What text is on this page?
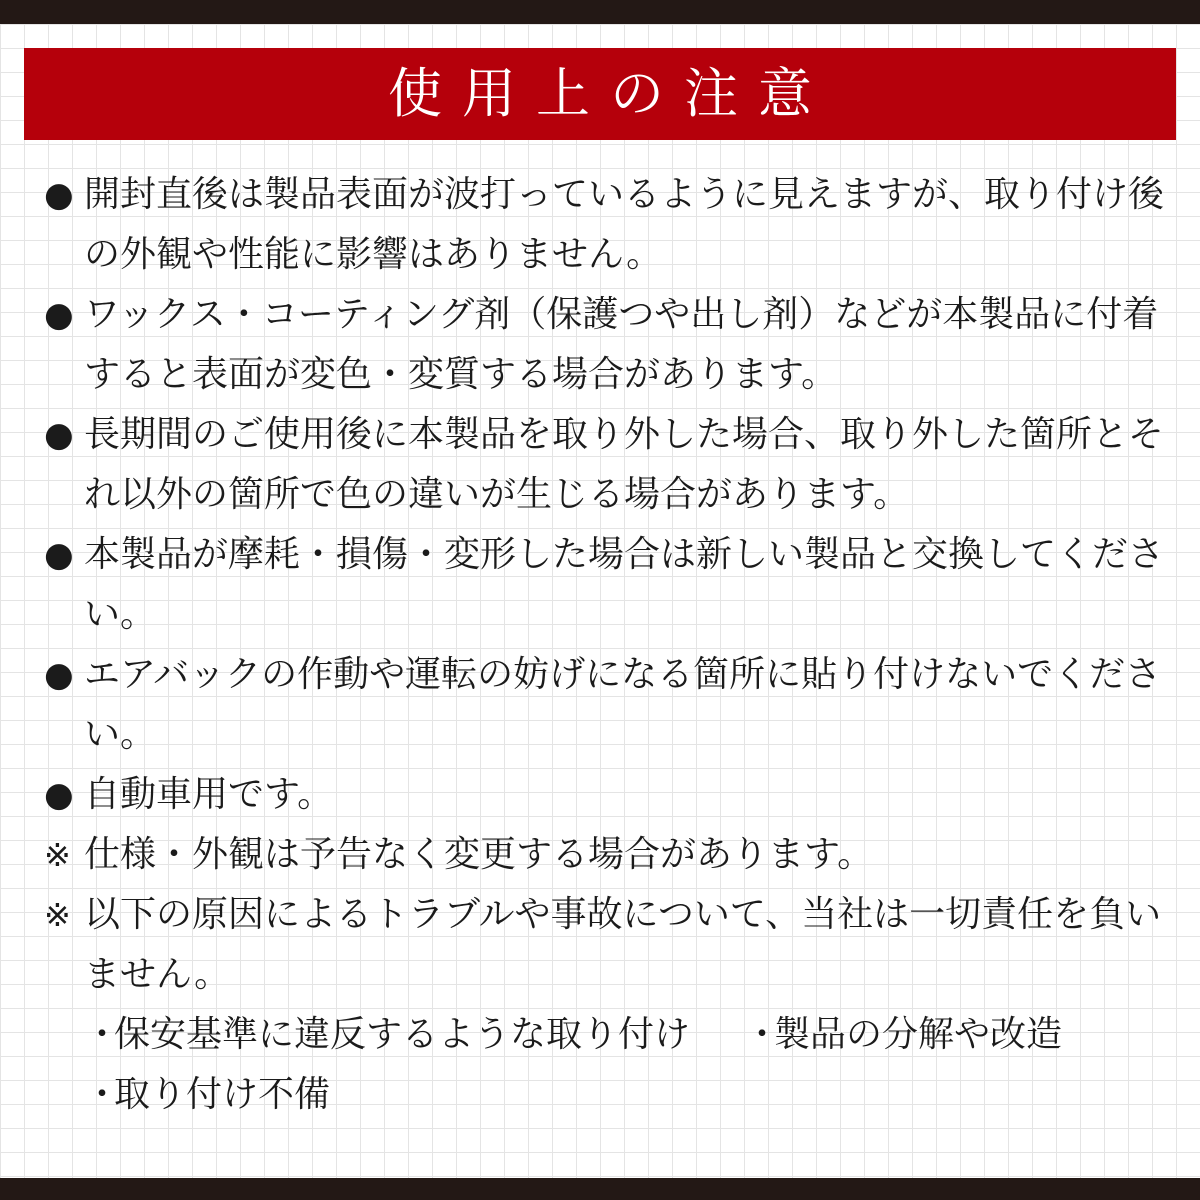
使用上の注意
● 開封直後は製品表面が波打っているように見えますが、取り付け後の外観や性能に影響はありません。
● ワックス・コーティング剤（保護つや出し剤）などが本製品に付着すると表面が変色・変質する場合があります。
● 長期間のご使用後に本製品を取り外した場合、取り外した箇所とそれ以外の箇所で色の違いが生じる場合があります。
● 本製品が摩耗・損傷・変形した場合は新しい製品と交換してください。
● エアバックの作動や運転の妨げになる箇所に貼り付けないでください。
● 自動車用です。
※ 仕様・外観は予告なく変更する場合があります。
※ 以下の原因によるトラブルや事故について、当社は一切責任を負いません。
・保安基準に違反するような取り付け	・製品の分解や改造
・取り付け不備
